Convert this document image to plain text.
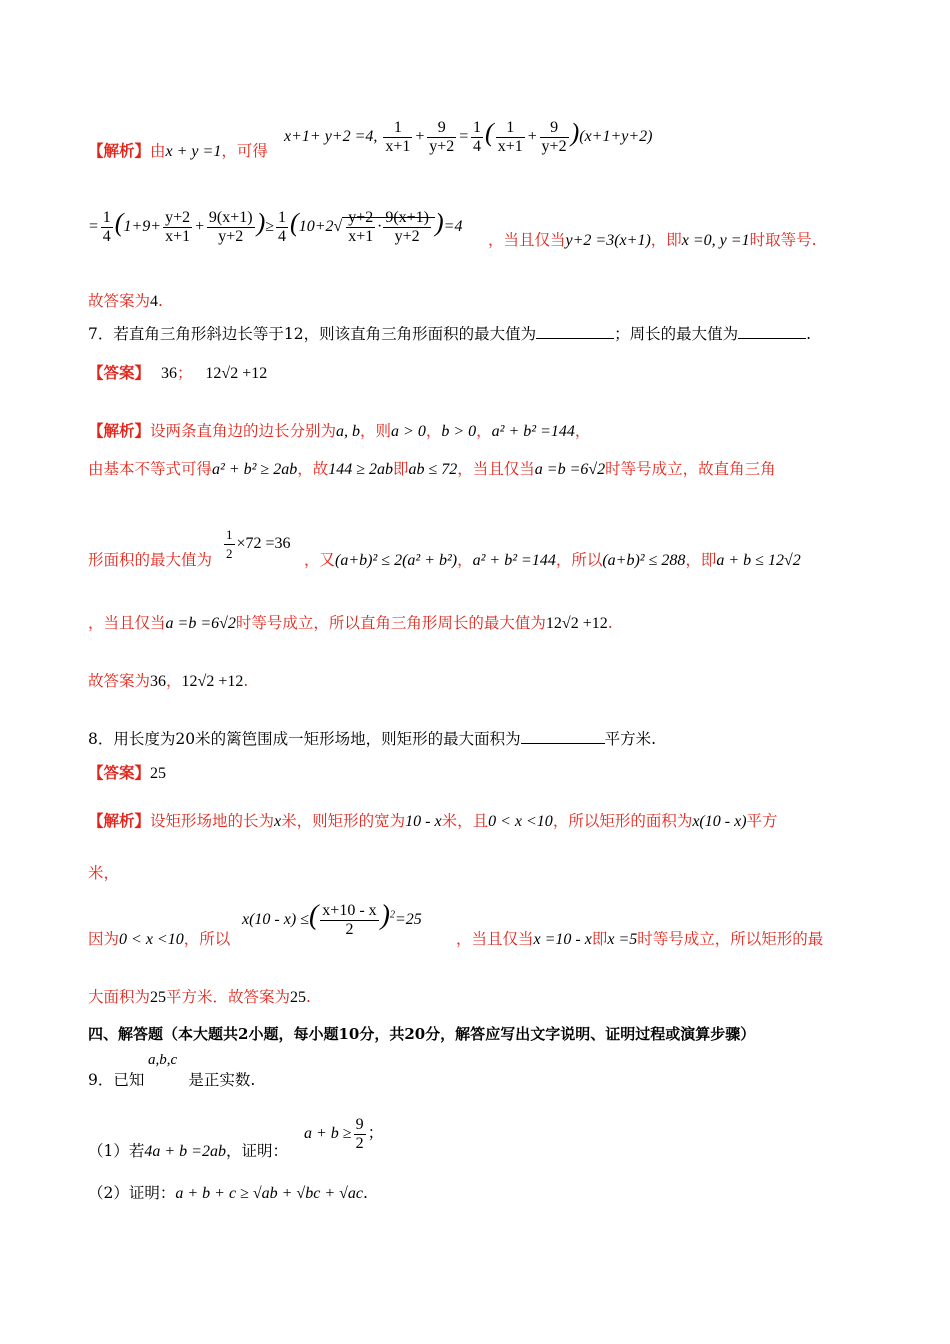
【解析】由x + y =1，可得
x+1+ y+2 =4, $\frac{1}{x+1} + \frac{9}{y+2} = \frac{1}{4}$ ( $\frac{1}{x+1} + \frac{9}{y+2} )(x+1+y+2)$
= $\frac{1}{4} (1+9+ \frac{y+2}{x+1} + \frac{9(x+1)}{y+2}$ )≥ $\frac{1}{4} (10+2√ \frac{y+2}{x+1} \cdot \frac{9(x+1)}{y+2} )=4$
，当且仅当y+2 =3(x+1)，即x =0, y =1时取等号.
故答案为4.
7．若直角三角形斜边长等于12，则该直角三角形面积的最大值为	；周长的最大值为	.
【答案】 36； 12√2 +12
【解析】设两条直角边的边长分别为a, b，则a > 0，b > 0，a² + b² =144，
由基本不等式可得a² + b² ≥ 2ab，故144 ≥ 2ab即ab ≤ 72，当且仅当a =b =6√2时等号成立，故直角三角
$\frac{1}{2} \times 72 =36$
形面积的最大值为	，又(a+b)² ≤ 2(a² + b²)，a² + b² =144，所以(a+b)² ≤ 288，即a + b ≤ 12√2
，当且仅当a =b =6√2时等号成立，所以直角三角形周长的最大值为12√2 +12.
故答案为36，12√2 +12.
8．用长度为20米的篱笆围成一矩形场地，则矩形的最大面积为	平方米.
【答案】25
【解析】设矩形场地的长为x米，则矩形的宽为10 - x米，且0 < x <10，所以矩形的面积为x(10 - x)平方
米，
因为0 < x <10，所以
x(10 - x) ≤( $\frac{x+10 - x}{2} )^2=25$
，当且仅当x =10 - x即x =5时等号成立，所以矩形的最
大面积为25平方米．故答案为25.
四、解答题（本大题共2小题，每小题10分，共20分，解答应写出文字说明、证明过程或演算步骤）
a,b,c
9．已知	是正实数.
（1）若4a + b =2ab，证明：
$a + b \ge \frac{9}{2}$ ；
（2）证明：a + b + c ≥ √ab + √bc + √ac.
